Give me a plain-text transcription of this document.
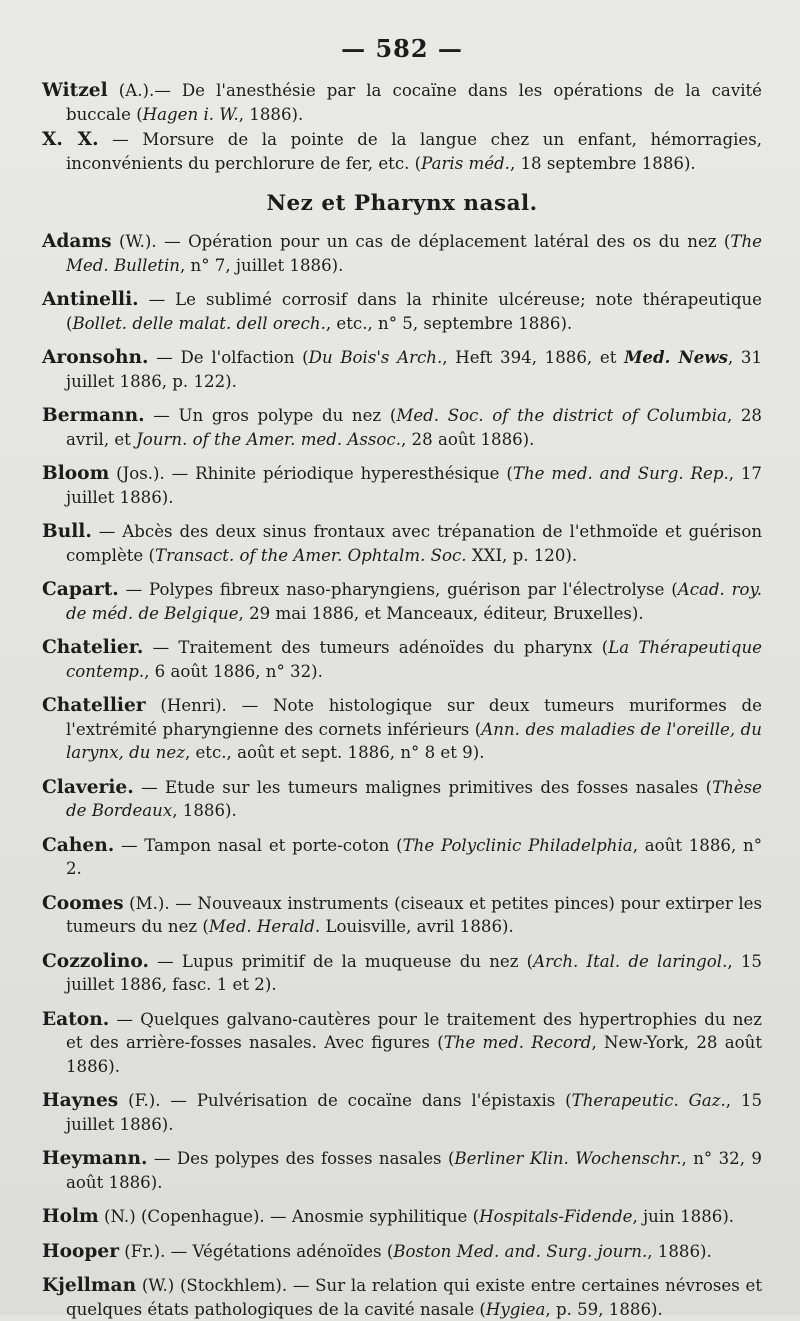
— 582 —

Witzel (A.).— De l'anesthésie par la cocaïne dans les opérations de la cavité buccale (Hagen i. W., 1886).

X. X. — Morsure de la pointe de la langue chez un enfant, hémorragies, inconvénients du perchlorure de fer, etc. (Paris méd., 18 septembre 1886).

Nez et Pharynx nasal.

Adams (W.). — Opération pour un cas de déplacement latéral des os du nez (The Med. Bulletin, n° 7, juillet 1886).

Antinelli. — Le sublimé corrosif dans la rhinite ulcéreuse; note thérapeutique (Bollet. delle malat. dell orech., etc., n° 5, septembre 1886).

Aronsohn. — De l'olfaction (Du Bois's Arch., Heft 394, 1886, et Med. News, 31 juillet 1886, p. 122).

Bermann. — Un gros polype du nez (Med. Soc. of the district of Columbia, 28 avril, et Journ. of the Amer. med. Assoc., 28 août 1886).

Bloom (Jos.). — Rhinite périodique hyperesthésique (The med. and Surg. Rep., 17 juillet 1886).

Bull. — Abcès des deux sinus frontaux avec trépanation de l'ethmoïde et guérison complète (Transact. of the Amer. Ophtalm. Soc. XXI, p. 120).

Capart. — Polypes fibreux naso-pharyngiens, guérison par l'électrolyse (Acad. roy. de méd. de Belgique, 29 mai 1886, et Manceaux, éditeur, Bruxelles).

Chatelier. — Traitement des tumeurs adénoïdes du pharynx (La Thérapeutique contemp., 6 août 1886, n° 32).

Chatellier (Henri). — Note histologique sur deux tumeurs muriformes de l'extrémité pharyngienne des cornets inférieurs (Ann. des maladies de l'oreille, du larynx, du nez, etc., août et sept. 1886, n° 8 et 9).

Claverie. — Etude sur les tumeurs malignes primitives des fosses nasales (Thèse de Bordeaux, 1886).

Cahen. — Tampon nasal et porte-coton (The Polyclinic Philadelphia, août 1886, n° 2.

Coomes (M.). — Nouveaux instruments (ciseaux et petites pinces) pour extirper les tumeurs du nez (Med. Herald. Louisville, avril 1886).

Cozzolino. — Lupus primitif de la muqueuse du nez (Arch. Ital. de laringol., 15 juillet 1886, fasc. 1 et 2).

Eaton. — Quelques galvano-cautères pour le traitement des hypertrophies du nez et des arrière-fosses nasales. Avec figures (The med. Record, New-York, 28 août 1886).

Haynes (F.). — Pulvérisation de cocaïne dans l'épistaxis (Therapeutic. Gaz., 15 juillet 1886).

Heymann. — Des polypes des fosses nasales (Berliner Klin. Wochenschr., n° 32, 9 août 1886).

Holm (N.) (Copenhague). — Anosmie syphilitique (Hospitals-Fidende, juin 1886).

Hooper (Fr.). — Végétations adénoïdes (Boston Med. and. Surg. journ., 1886).

Kjellman (W.) (Stockhlem). — Sur la relation qui existe entre certaines névroses et quelques états pathologiques de la cavité nasale (Hygiea, p. 59, 1886).
